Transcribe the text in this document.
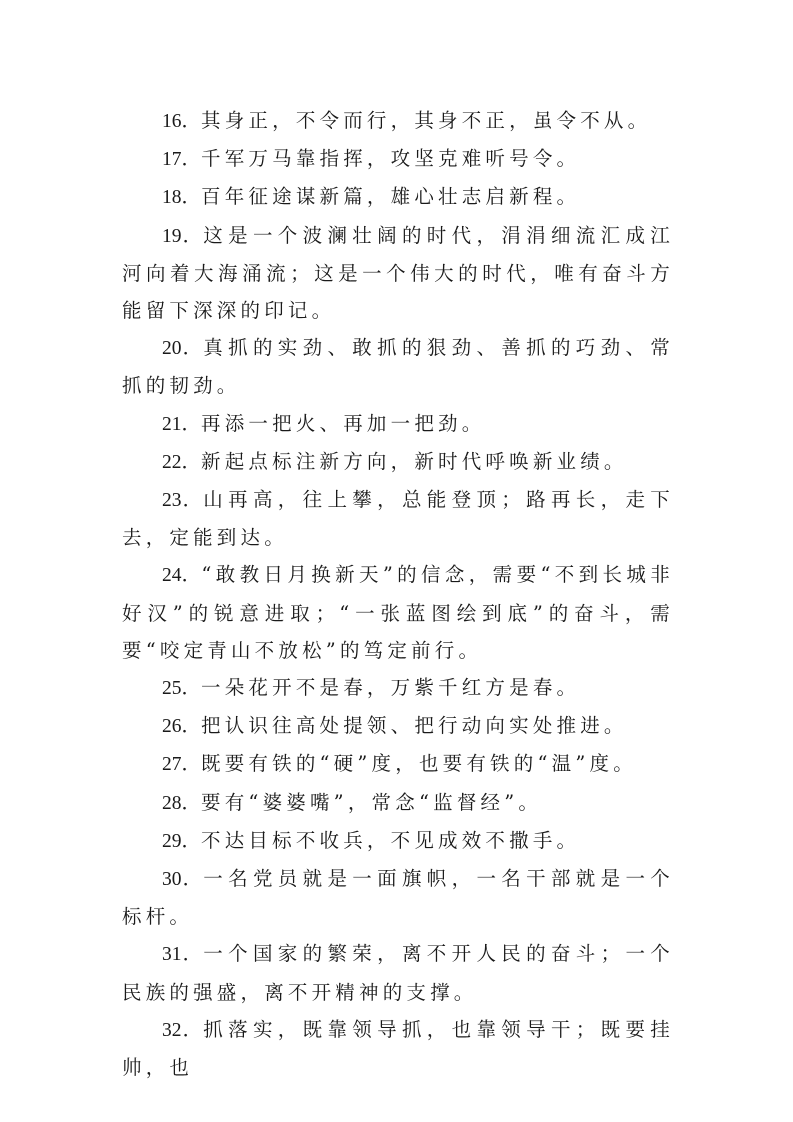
16．其身正，不令而行，其身不正，虽令不从。

17．千军万马靠指挥，攻坚克难听号令。

18．百年征途谋新篇，雄心壮志启新程。

19．这是一个波澜壮阔的时代，涓涓细流汇成江河向着大海涌流；这是一个伟大的时代，唯有奋斗方能留下深深的印记。

20．真抓的实劲、敢抓的狠劲、善抓的巧劲、常抓的韧劲。

21．再添一把火、再加一把劲。

22．新起点标注新方向，新时代呼唤新业绩。

23．山再高，往上攀，总能登顶；路再长，走下去，定能到达。

24．“敢教日月换新天”的信念，需要“不到长城非好汉”的锐意进取；“一张蓝图绘到底”的奋斗，需要“咬定青山不放松”的笃定前行。

25．一朵花开不是春，万紫千红方是春。

26．把认识往高处提领、把行动向实处推进。

27．既要有铁的“硬”度，也要有铁的“温”度。

28．要有“婆婆嘴”，常念“监督经”。

29．不达目标不收兵，不见成效不撒手。

30．一名党员就是一面旗帜，一名干部就是一个标杆。

31．一个国家的繁荣，离不开人民的奋斗；一个民族的强盛，离不开精神的支撑。

32．抓落实，既靠领导抓，也靠领导干；既要挂帅，也
